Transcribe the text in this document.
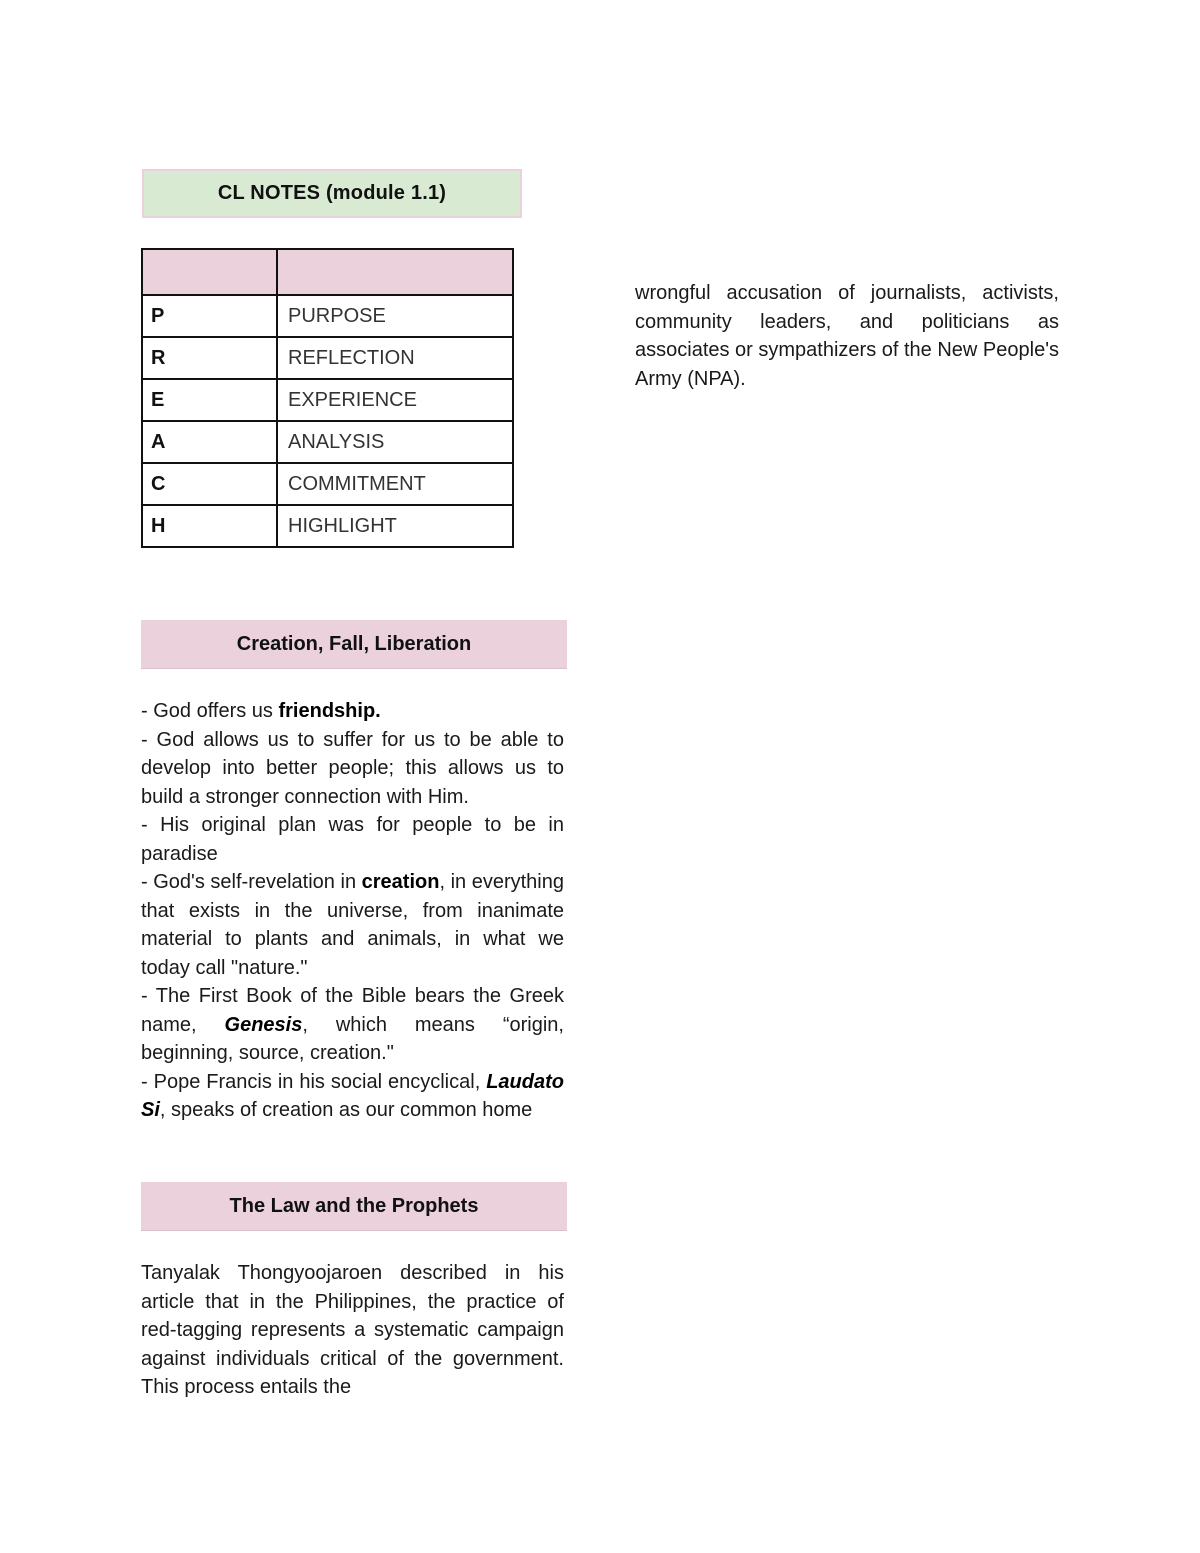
CL NOTES (module 1.1)

P	PURPOSE
R	REFLECTION
E	EXPERIENCE
A	ANALYSIS
C	COMMITMENT
H	HIGHLIGHT
Creation, Fall, Liberation

- God offers us friendship.

- God allows us to suffer for us to be able to develop into better people; this allows us to build a stronger connection with Him.

- His original plan was for people to be in paradise

- God's self-revelation in creation, in everything that exists in the universe, from inanimate material to plants and animals, in what we today call "nature."

- The First Book of the Bible bears the Greek name, Genesis, which means “origin, beginning, source, creation."

- Pope Francis in his social encyclical, Laudato Si, speaks of creation as our common home

The Law and the Prophets

Tanyalak Thongyoojaroen described in his article that in the Philippines, the practice of red-tagging represents a systematic campaign against individuals critical of the government. This process entails the

wrongful accusation of journalists, activists, community leaders, and politicians as associates or sympathizers of the New People's Army (NPA).
